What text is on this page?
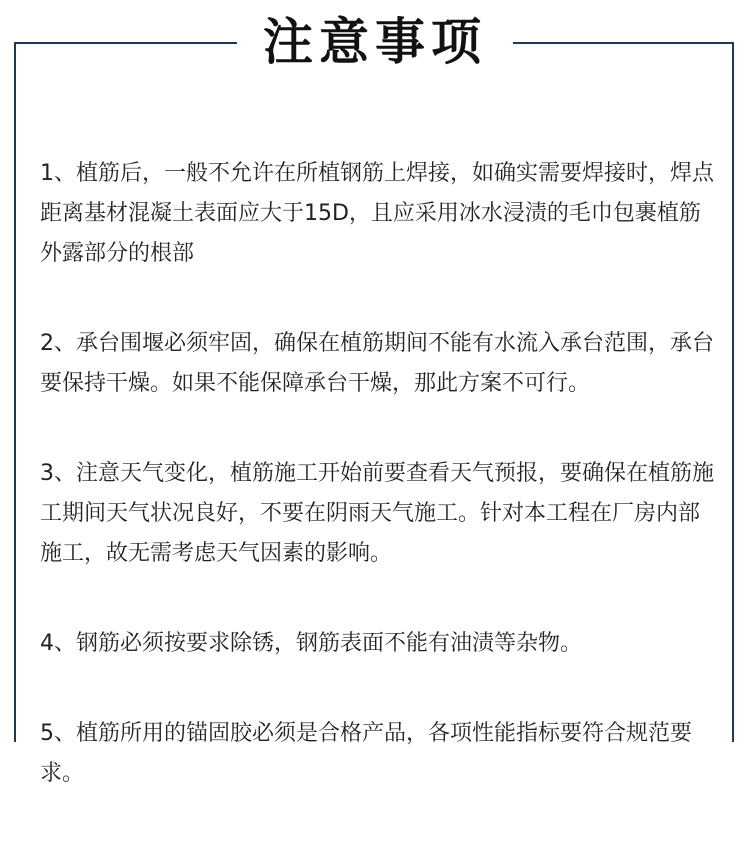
注意事项

1、植筋后，一般不允许在所植钢筋上焊接，如确实需要焊接时，焊点距离基材混凝土表面应大于15D，且应采用冰水浸渍的毛巾包裹植筋外露部分的根部

2、承台围堰必须牢固，确保在植筋期间不能有水流入承台范围，承台要保持干燥。如果不能保障承台干燥，那此方案不可行。

3、注意天气变化，植筋施工开始前要查看天气预报，要确保在植筋施工期间天气状况良好，不要在阴雨天气施工。针对本工程在厂房内部施工，故无需考虑天气因素的影响。

4、钢筋必须按要求除锈，钢筋表面不能有油渍等杂物。

5、植筋所用的锚固胶必须是合格产品，各项性能指标要符合规范要求。
